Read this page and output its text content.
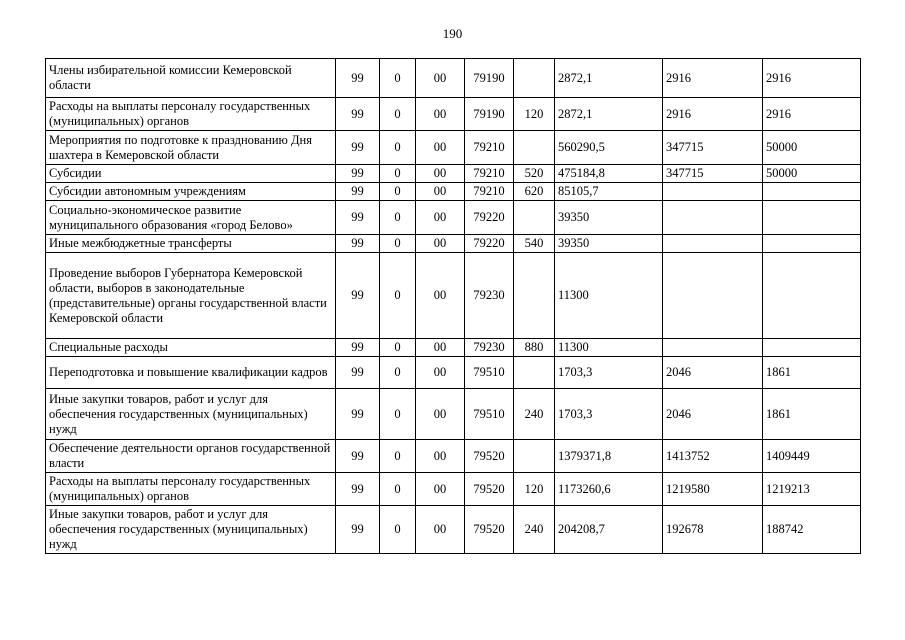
190
Члены избирательной комиссии Кемеровской области	99	0	00	79190		2872,1	2916	2916
Расходы на выплаты персоналу государственных (муниципальных) органов	99	0	00	79190	120	2872,1	2916	2916
Мероприятия по подготовке к празднованию Дня шахтера в Кемеровской области	99	0	00	79210		560290,5	347715	50000
Субсидии	99	0	00	79210	520	475184,8	347715	50000
Субсидии автономным учреждениям	99	0	00	79210	620	85105,7		
Социально-экономическое развитие муниципального образования «город Белово»	99	0	00	79220		39350		
Иные межбюджетные трансферты	99	0	00	79220	540	39350		
Проведение выборов Губернатора Кемеровской области, выборов в законодательные (представительные) органы государственной власти Кемеровской области	99	0	00	79230		11300		
Специальные расходы	99	0	00	79230	880	11300		
Переподготовка и повышение квалификации кадров	99	0	00	79510		1703,3	2046	1861
Иные закупки товаров, работ и услуг для обеспечения государственных (муниципальных) нужд	99	0	00	79510	240	1703,3	2046	1861
Обеспечение деятельности органов государственной власти	99	0	00	79520		1379371,8	1413752	1409449
Расходы на выплаты персоналу государственных (муниципальных) органов	99	0	00	79520	120	1173260,6	1219580	1219213
Иные закупки товаров, работ и услуг для обеспечения государственных (муниципальных) нужд	99	0	00	79520	240	204208,7	192678	188742
